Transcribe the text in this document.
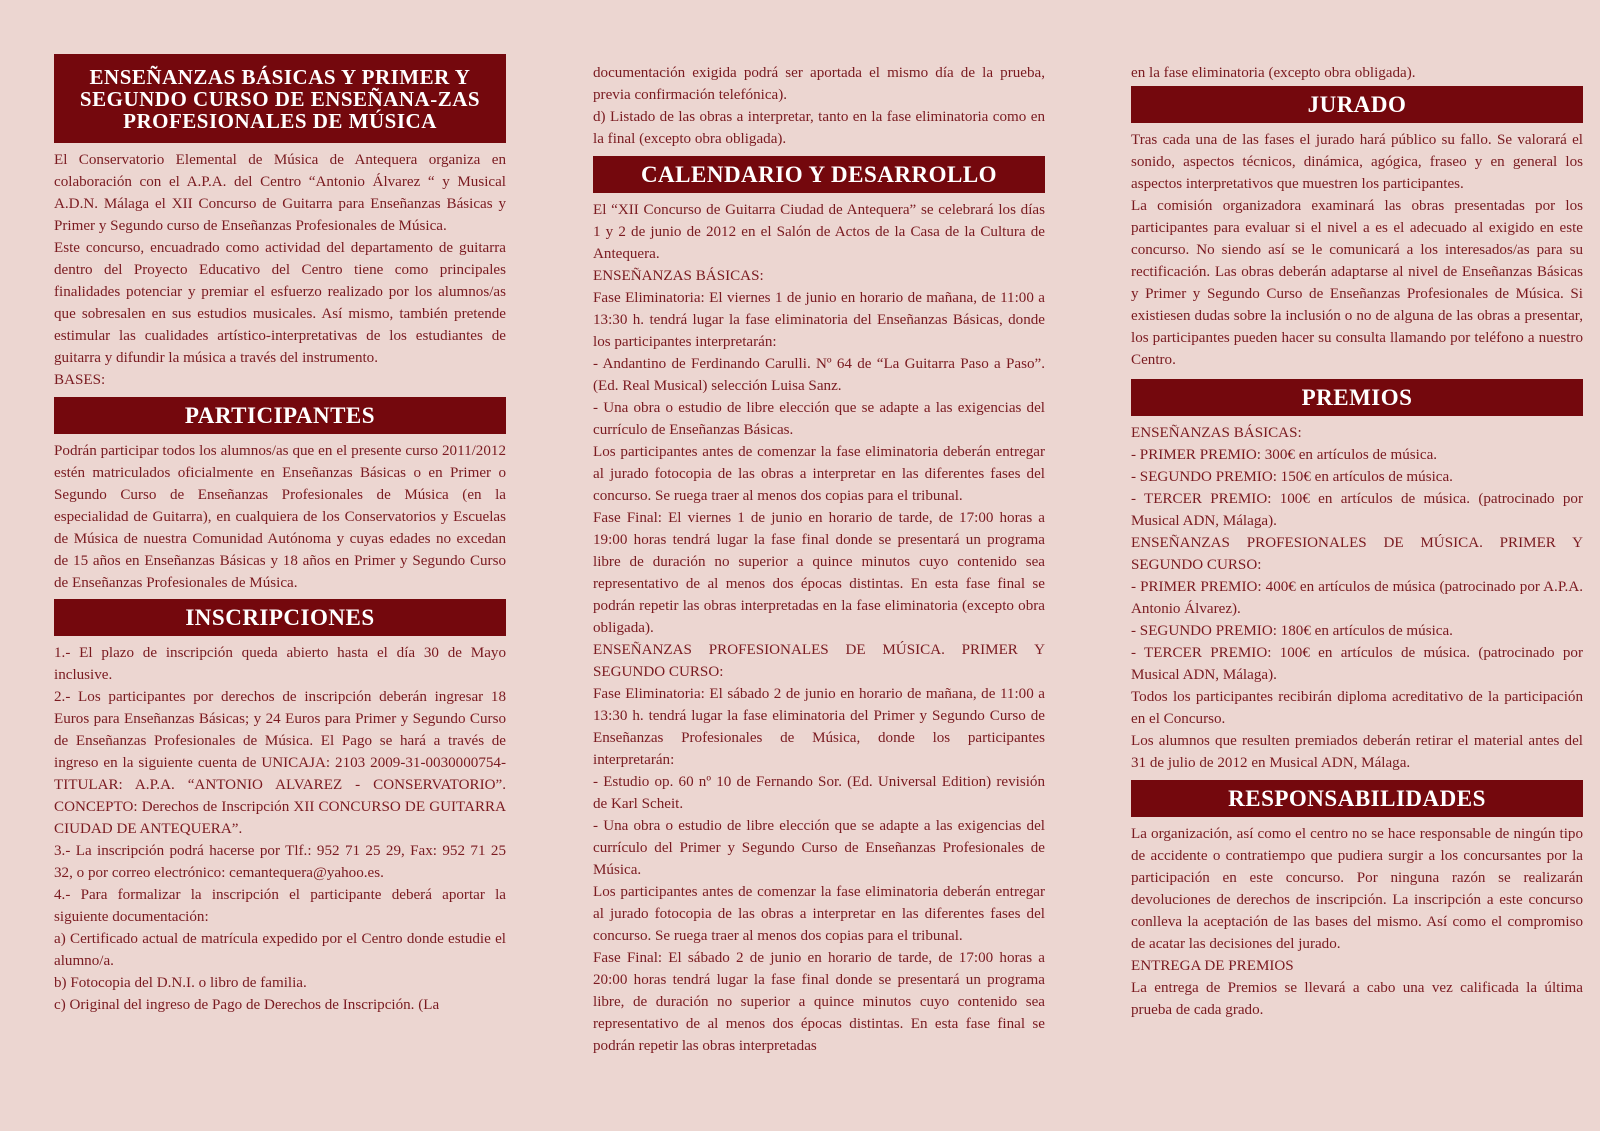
ENSEÑANZAS BÁSICAS Y PRIMER Y SEGUNDO CURSO DE ENSEÑANA-ZAS PROFESIONALES DE MÚSICA

El Conservatorio Elemental de Música de Antequera organiza en colaboración con el A.P.A. del Centro “Antonio Álvarez “ y Musical A.D.N. Málaga el XII Concurso de Guitarra para Enseñanzas Básicas y Primer y Segundo curso de Enseñanzas Profesionales de Música.

Este concurso, encuadrado como actividad del departamento de guitarra dentro del Proyecto Educativo del Centro tiene como principales finalidades potenciar y premiar el esfuerzo realizado por los alumnos/as que sobresalen en sus estudios musicales. Así mismo, también pretende estimular las cualidades artístico-interpretativas de los estudiantes de guitarra y difundir la música a través del instrumento.

BASES:

PARTICIPANTES

Podrán participar todos los alumnos/as que en el presente curso 2011/2012 estén matriculados oficialmente en Enseñanzas Básicas o en Primer o Segundo Curso de Enseñanzas Profesionales de Música (en la especialidad de Guitarra), en cualquiera de los Conservatorios y Escuelas de Música de nuestra Comunidad Autónoma y cuyas edades no excedan de 15 años en Enseñanzas Básicas y 18 años en Primer y Segundo Curso de Enseñanzas Profesionales de Música.

INSCRIPCIONES

1.- El plazo de inscripción queda abierto hasta el día 30 de Mayo inclusive.

2.- Los participantes por derechos de inscripción deberán ingresar 18 Euros para Enseñanzas Básicas; y 24 Euros para Primer y Segundo Curso de Enseñanzas Profesionales de Música. El Pago se hará a través de ingreso en la siguiente cuenta de UNICAJA: 2103 2009-31-0030000754-TITULAR: A.P.A. “ANTONIO ALVAREZ - CONSERVATORIO”. CONCEPTO: Derechos de Inscripción XII CONCURSO DE GUITARRA CIUDAD DE ANTEQUERA”.

3.- La inscripción podrá hacerse por Tlf.: 952 71 25 29, Fax: 952 71 25 32, o por correo electrónico: cemantequera@yahoo.es.

4.- Para formalizar la inscripción el participante deberá aportar la siguiente documentación:

a) Certificado actual de matrícula expedido por el Centro donde estudie el alumno/a.

b) Fotocopia del D.N.I. o libro de familia.

c) Original del ingreso de Pago de Derechos de Inscripción. (La

documentación exigida podrá ser aportada el mismo día de la prueba, previa confirmación telefónica).

d) Listado de las obras a interpretar, tanto en la fase eliminatoria como en la final (excepto obra obligada).

CALENDARIO Y DESARROLLO

El “XII Concurso de Guitarra Ciudad de Antequera” se celebrará los días 1 y 2 de junio de 2012 en el Salón de Actos de la Casa de la Cultura de Antequera.

ENSEÑANZAS BÁSICAS:

Fase Eliminatoria: El viernes 1 de junio en horario de mañana, de 11:00 a 13:30 h. tendrá lugar la fase eliminatoria del Enseñanzas Básicas, donde los participantes interpretarán:

- Andantino de Ferdinando Carulli. Nº 64 de “La Guitarra Paso a Paso”. (Ed. Real Musical) selección Luisa Sanz.

- Una obra o estudio de libre elección que se adapte a las exigencias del currículo de Enseñanzas Básicas.

Los participantes antes de comenzar la fase eliminatoria deberán entregar al jurado fotocopia de las obras a interpretar en las diferentes fases del concurso. Se ruega traer al menos dos copias para el tribunal.

Fase Final: El viernes 1 de junio en horario de tarde, de 17:00 horas a 19:00 horas tendrá lugar la fase final donde se presentará un programa libre de duración no superior a quince minutos cuyo contenido sea representativo de al menos dos épocas distintas. En esta fase final se podrán repetir las obras interpretadas en la fase eliminatoria (excepto obra obligada).

ENSEÑANZAS PROFESIONALES DE MÚSICA. PRIMER Y SEGUNDO CURSO:

Fase Eliminatoria: El sábado 2 de junio en horario de mañana, de 11:00 a 13:30 h. tendrá lugar la fase eliminatoria del Primer y Segundo Curso de Enseñanzas Profesionales de Música, donde los participantes interpretarán:

- Estudio op. 60 nº 10 de Fernando Sor. (Ed. Universal Edition) revisión de Karl Scheit.

- Una obra o estudio de libre elección que se adapte a las exigencias del currículo del Primer y Segundo Curso de Enseñanzas Profesionales de Música.

Los participantes antes de comenzar la fase eliminatoria deberán entregar al jurado fotocopia de las obras a interpretar en las diferentes fases del concurso. Se ruega traer al menos dos copias para el tribunal.

Fase Final: El sábado 2 de junio en horario de tarde, de 17:00 horas a 20:00 horas tendrá lugar la fase final donde se presentará un programa libre, de duración no superior a quince minutos cuyo contenido sea representativo de al menos dos épocas distintas. En esta fase final se podrán repetir las obras interpretadas

en la fase eliminatoria (excepto obra obligada).

JURADO

Tras cada una de las fases el jurado hará público su fallo. Se valorará el sonido, aspectos técnicos, dinámica, agógica, fraseo y en general los aspectos interpretativos que muestren los participantes.

La comisión organizadora examinará las obras presentadas por los participantes para evaluar si el nivel a es el adecuado al exigido en este concurso. No siendo así se le comunicará a los interesados/as para su rectificación. Las obras deberán adaptarse al nivel de Enseñanzas Básicas y Primer y Segundo Curso de Enseñanzas Profesionales de Música. Si existiesen dudas sobre la inclusión o no de alguna de las obras a presentar, los participantes pueden hacer su consulta llamando por teléfono a nuestro Centro.

PREMIOS

ENSEÑANZAS BÁSICAS:

- PRIMER PREMIO: 300€ en artículos de música.

- SEGUNDO PREMIO: 150€ en artículos de música.

- TERCER PREMIO: 100€ en artículos de música. (patrocinado por Musical ADN, Málaga).

ENSEÑANZAS PROFESIONALES DE MÚSICA. PRIMER Y SEGUNDO CURSO:

- PRIMER PREMIO: 400€ en artículos de música (patrocinado por A.P.A. Antonio Álvarez).

- SEGUNDO PREMIO: 180€ en artículos de música.

- TERCER PREMIO: 100€ en artículos de música. (patrocinado por Musical ADN, Málaga).

Todos los participantes recibirán diploma acreditativo de la participación en el Concurso.

Los alumnos que resulten premiados deberán retirar el material antes del 31 de julio de 2012 en Musical ADN, Málaga.

RESPONSABILIDADES

La organización, así como el centro no se hace responsable de ningún tipo de accidente o contratiempo que pudiera surgir a los concursantes por la participación en este concurso. Por ninguna razón se realizarán devoluciones de derechos de inscripción. La inscripción a este concurso conlleva la aceptación de las bases del mismo. Así como el compromiso de acatar las decisiones del jurado.

ENTREGA DE PREMIOS

La entrega de Premios se llevará a cabo una vez calificada la última prueba de cada grado.
